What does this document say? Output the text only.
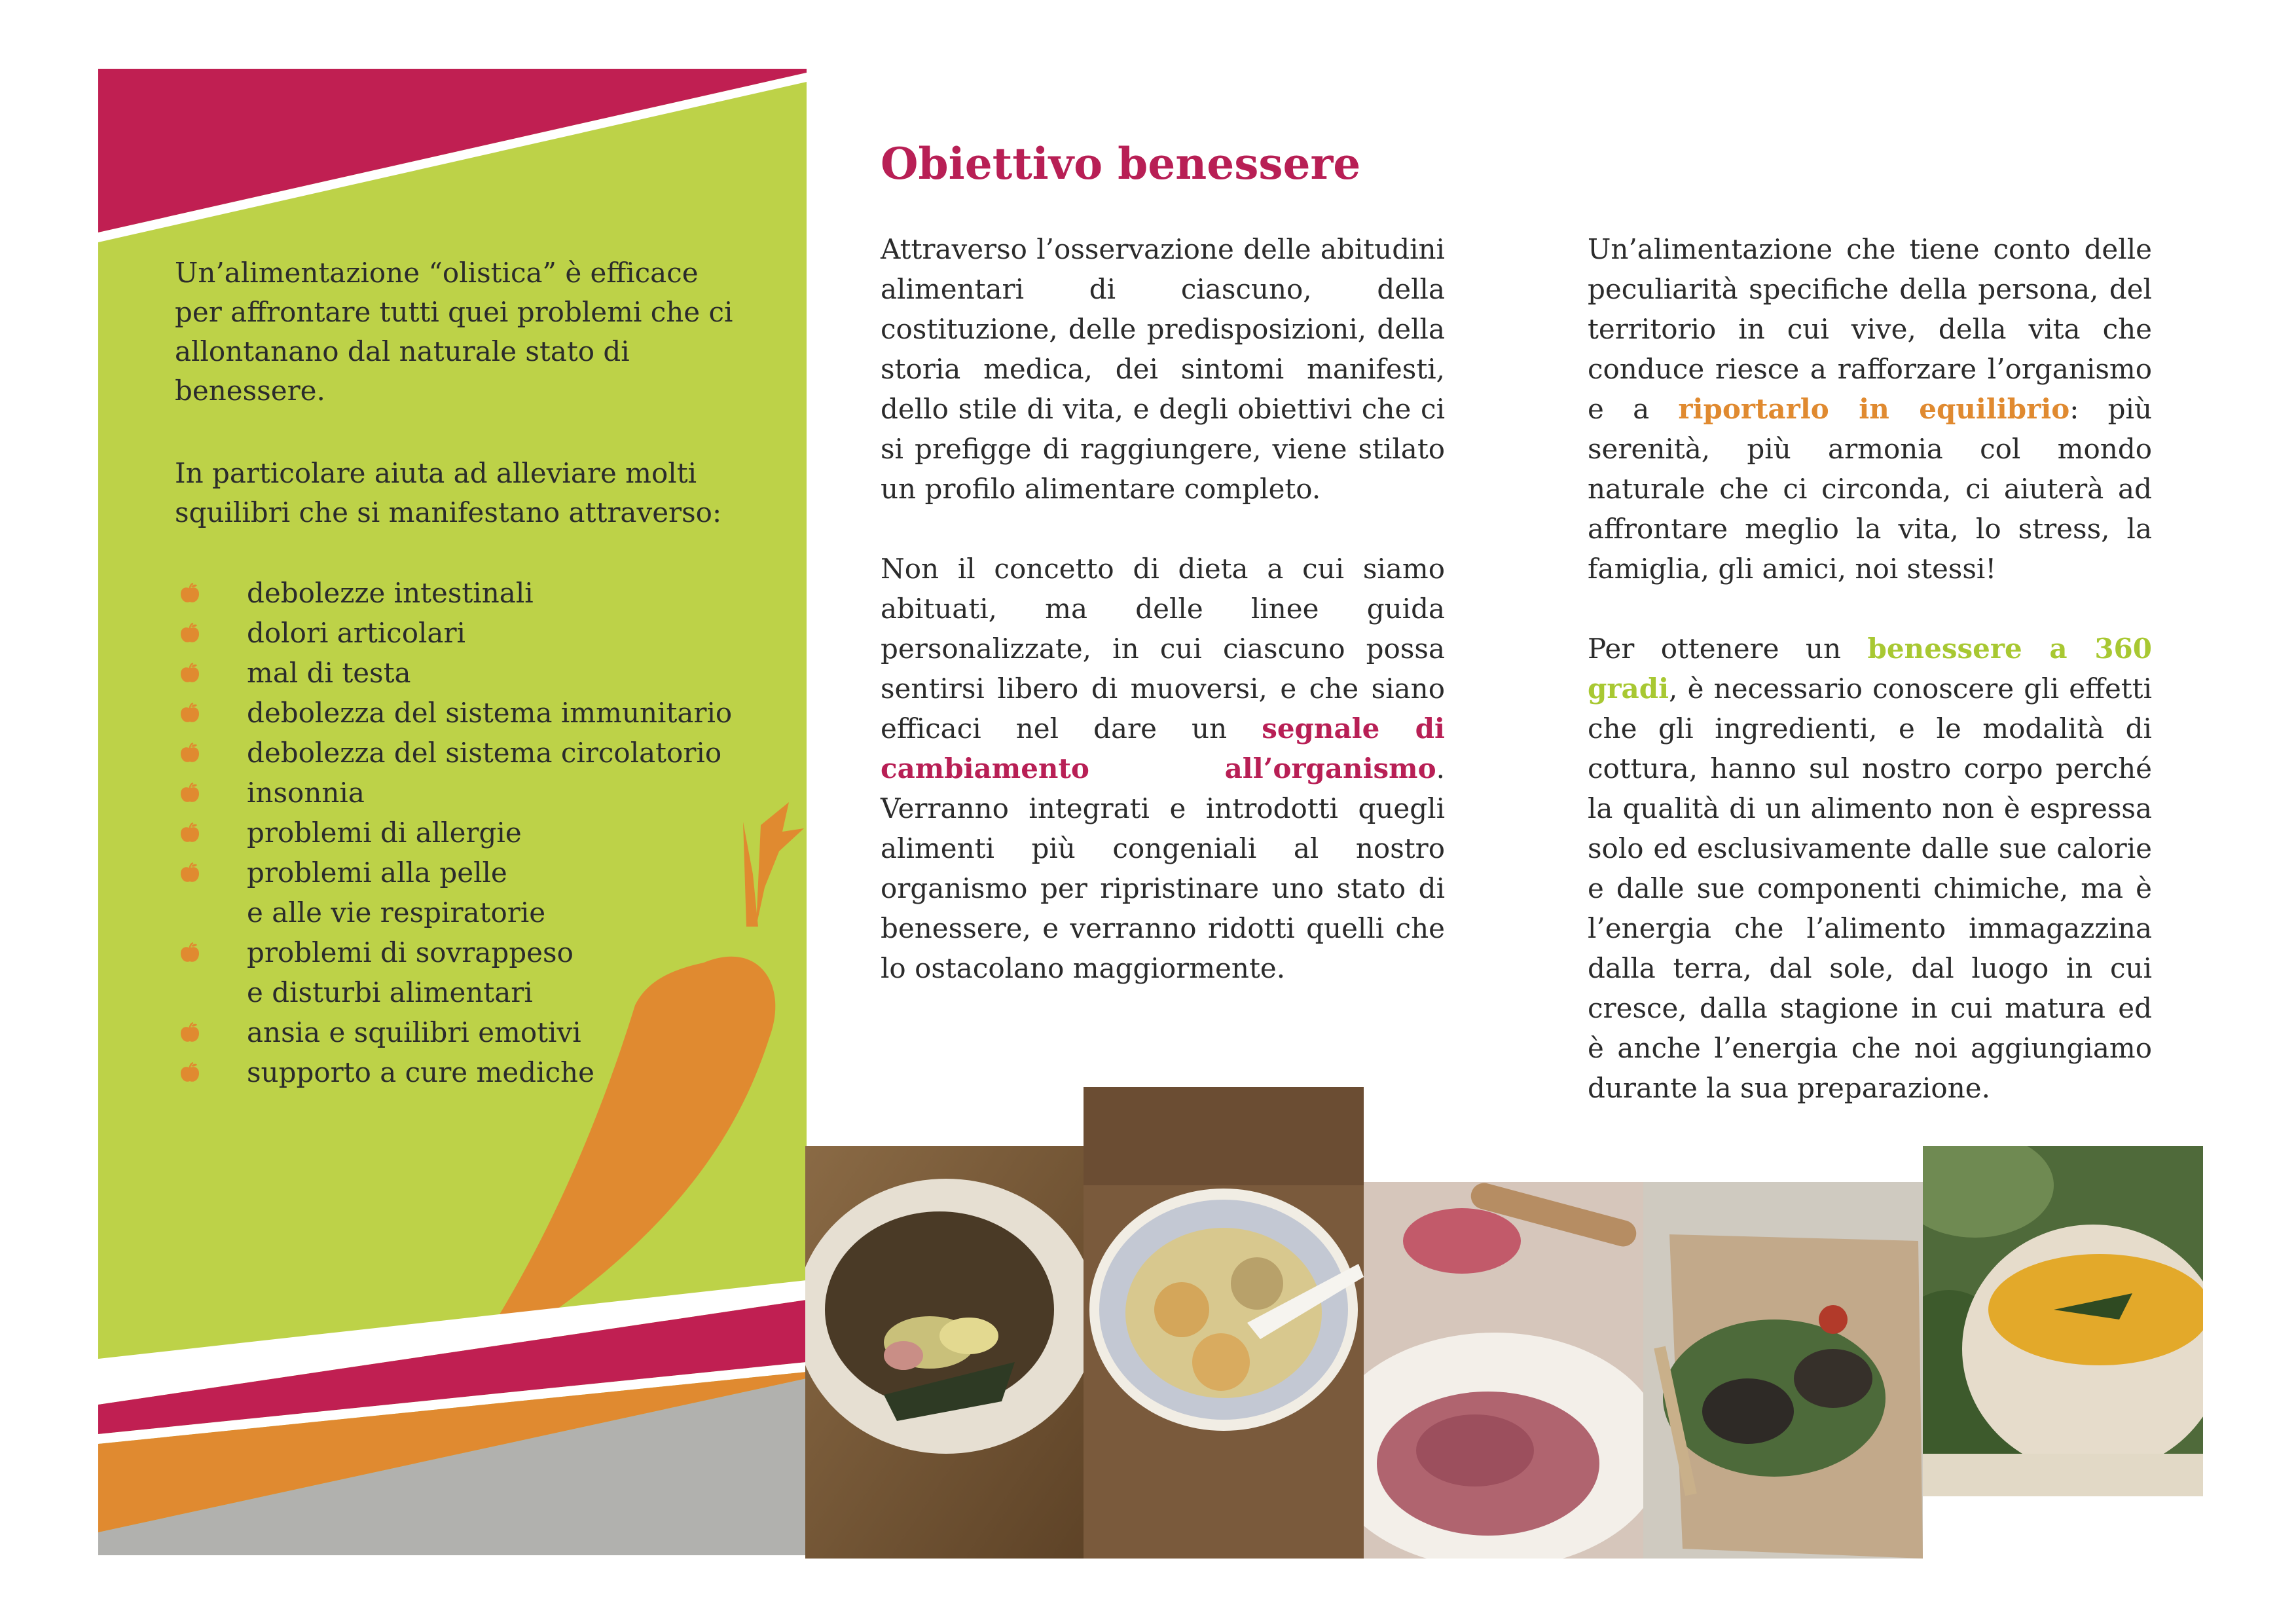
Un’alimentazione “olistica” è efficace per affrontare tutti quei problemi che ci allontanano dal naturale stato di benessere.

In particolare aiuta ad alleviare molti squilibri che si manifestano attraverso:

debolezze intestinali
dolori articolari
mal di testa
debolezza del sistema immunitario
debolezza del sistema circolatorio
insonnia
problemi di allergie
problemi alla pelle
e alle vie respiratorie
problemi di sovrappeso
e disturbi alimentari
ansia e squilibri emotivi
supporto a cure mediche
Obiettivo benessere

Attraverso l’osservazione delle abitudini alimentari di ciascuno, della costituzione, delle predisposizioni, della storia medica, dei sintomi manifesti, dello stile di vita, e degli obiettivi che ci si prefigge di raggiungere, viene stilato un profilo alimentare completo.

Non il concetto di dieta a cui siamo abituati, ma delle linee guida personalizzate, in cui ciascuno possa sentirsi libero di muoversi, e che siano efficaci nel dare un segnale di cambiamento all’organismo. Verranno integrati e introdotti quegli alimenti più congeniali al nostro organismo per ripristinare uno stato di benessere, e verranno ridotti quelli che lo ostacolano maggiormente.

Un’alimentazione che tiene conto delle peculiarità specifiche della persona, del territorio in cui vive, della vita che conduce riesce a rafforzare l’organismo e a riportarlo in equilibrio: più serenità, più armonia col mondo naturale che ci circonda, ci aiuterà ad affrontare meglio la vita, lo stress, la famiglia, gli amici, noi stessi!

Per ottenere un benessere a 360 gradi, è necessario conoscere gli effetti che gli ingredienti, e le modalità di cottura, hanno sul nostro corpo perché la qualità di un alimento non è espressa solo ed esclusivamente dalle sue calorie e dalle sue componenti chimiche, ma è l’energia che l’alimento immagazzina dalla terra, dal sole, dal luogo in cui cresce, dalla stagione in cui matura ed è anche l’energia che noi aggiungiamo durante la sua preparazione.
